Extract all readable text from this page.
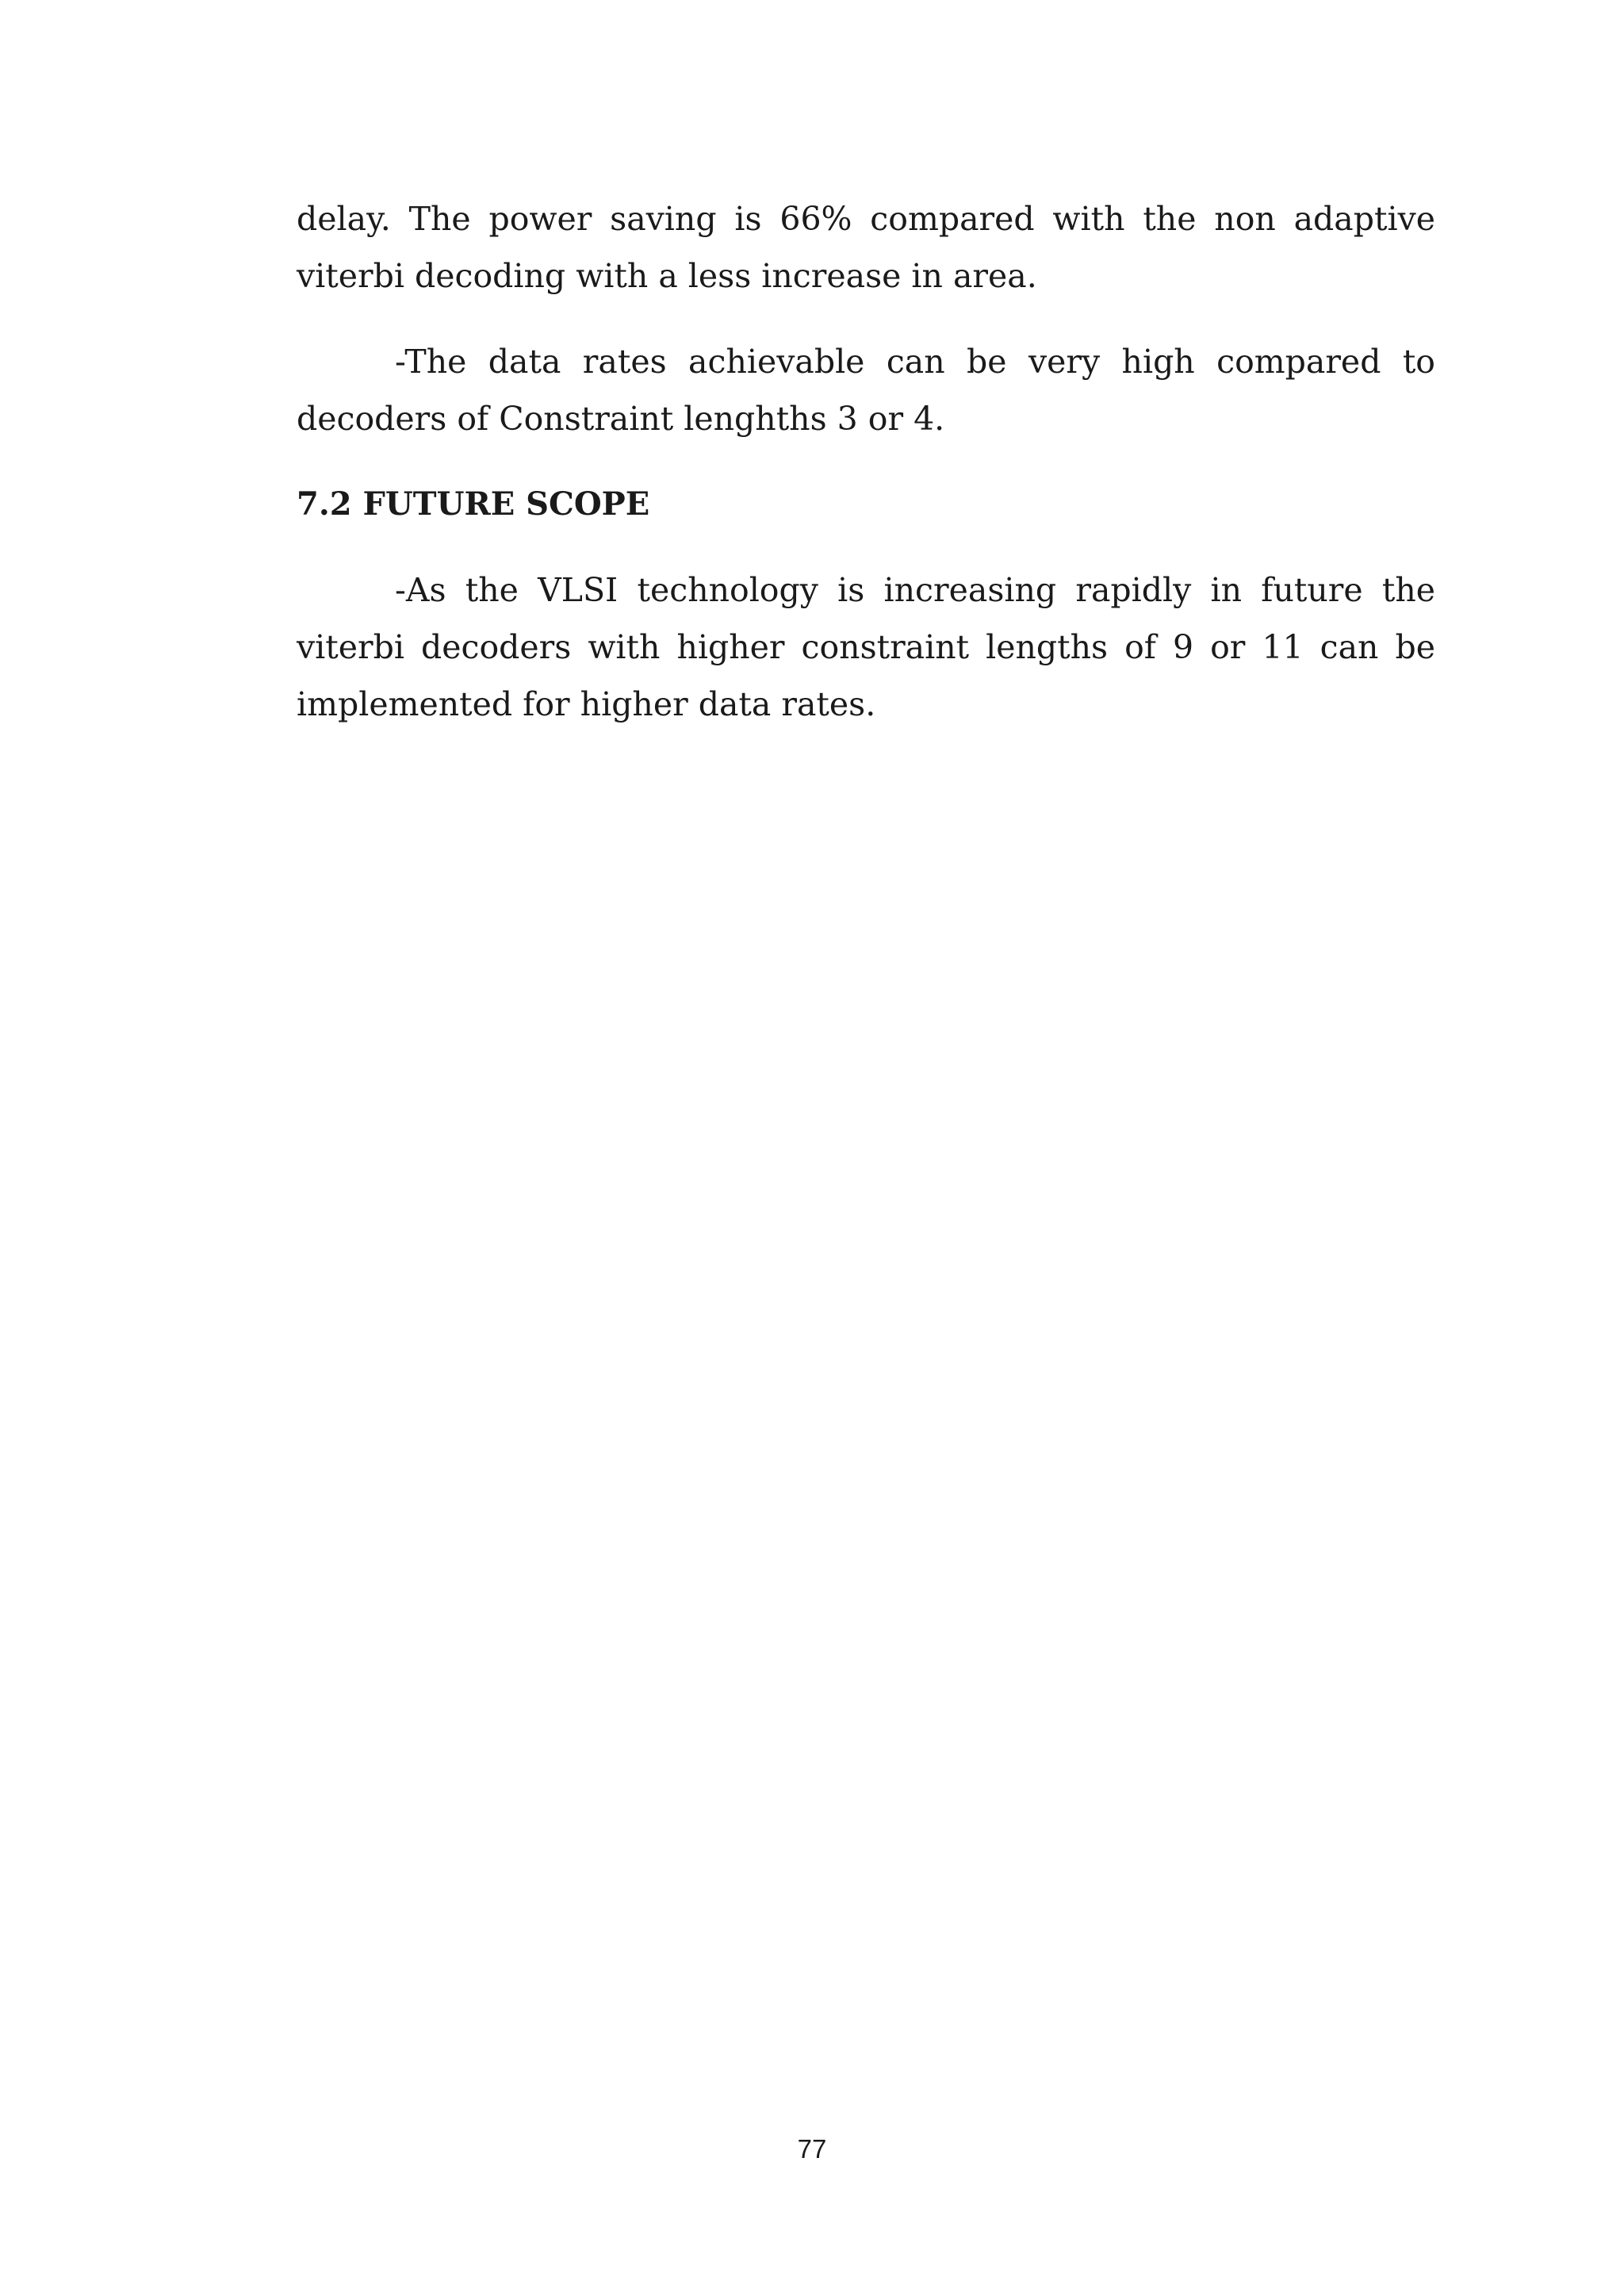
delay. The power saving is 66% compared with the non adaptive viterbi decoding with a less increase in area.

-The data rates achievable can be very high compared to decoders of Constraint lenghths 3 or 4.

7.2 FUTURE SCOPE

-As the VLSI technology is increasing rapidly in future the viterbi decoders with higher constraint lengths of 9 or 11 can be implemented for higher data rates.

77
